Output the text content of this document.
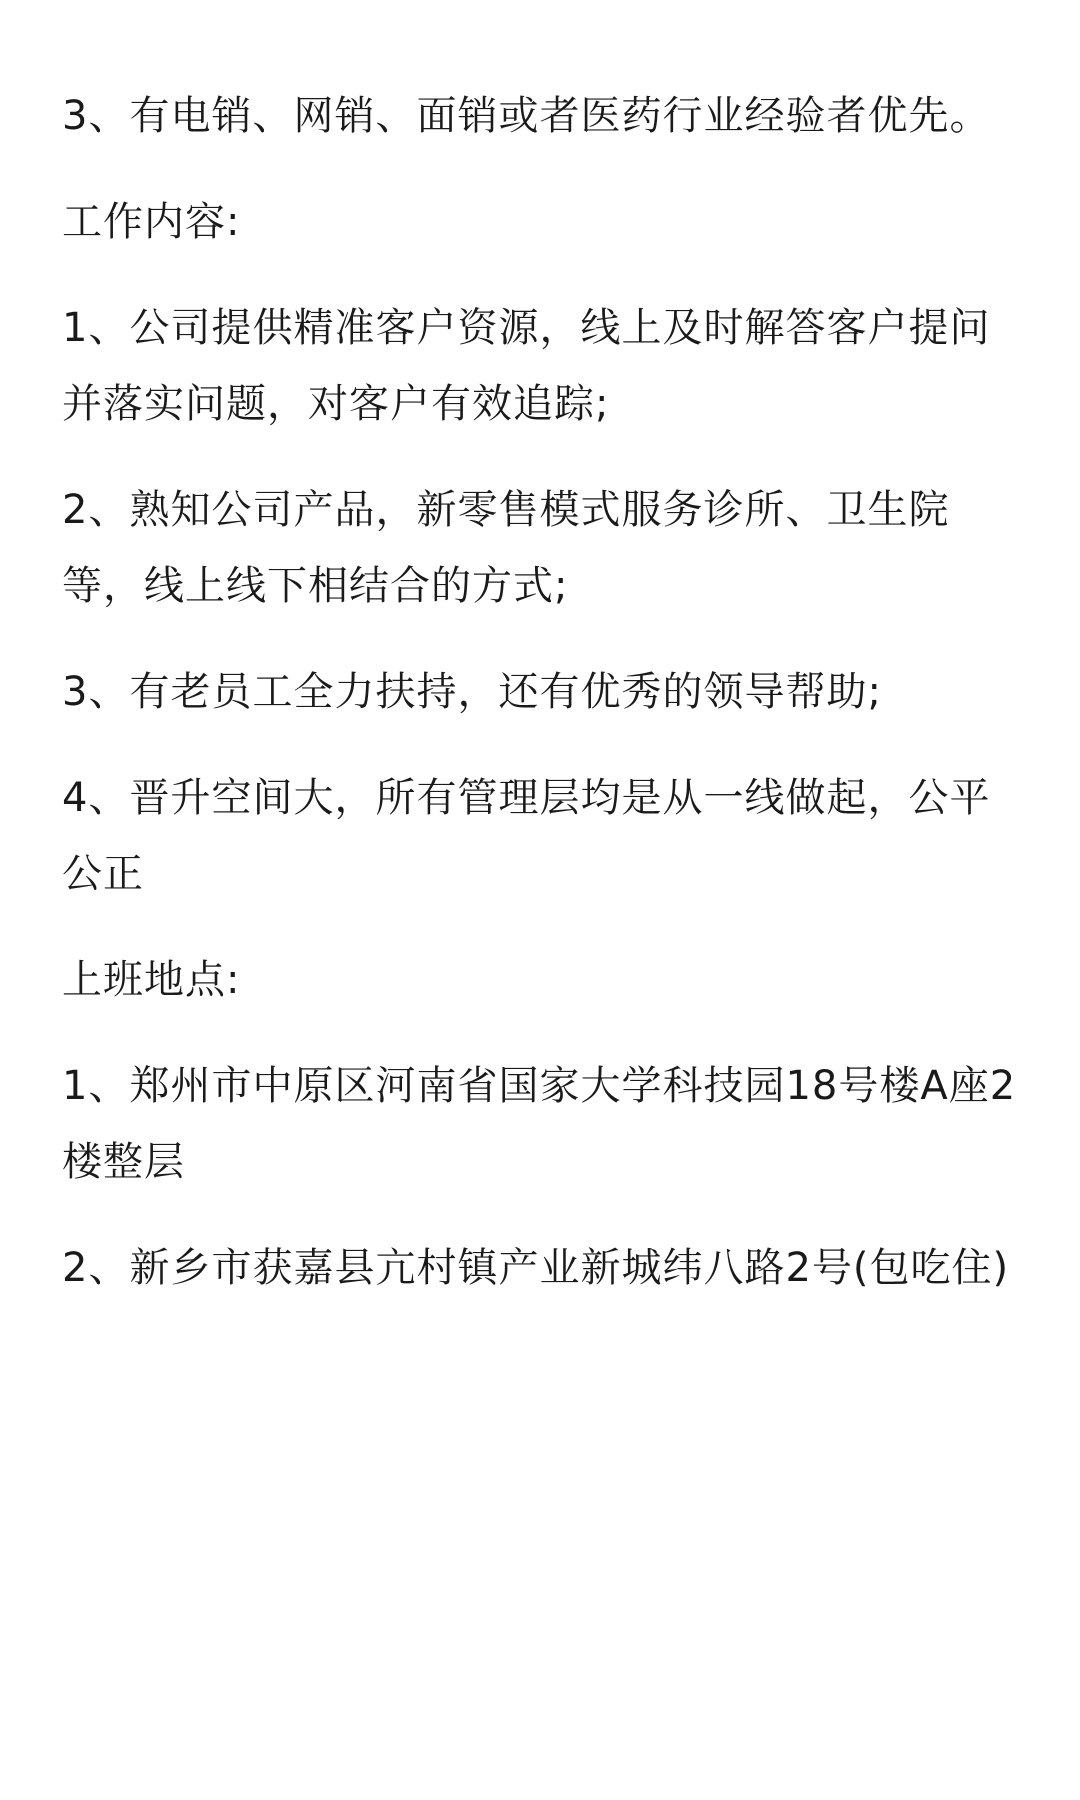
3、有电销、网销、面销或者医药行业经验者优先。

工作内容:

1、公司提供精准客户资源，线上及时解答客户提问并落实问题，对客户有效追踪;

2、熟知公司产品，新零售模式服务诊所、卫生院等，线上线下相结合的方式;

3、有老员工全力扶持，还有优秀的领导帮助;

4、晋升空间大，所有管理层均是从一线做起，公平公正

上班地点:

1、郑州市中原区河南省国家大学科技园18号楼A座2楼整层

2、新乡市获嘉县亢村镇产业新城纬八路2号(包吃住)
